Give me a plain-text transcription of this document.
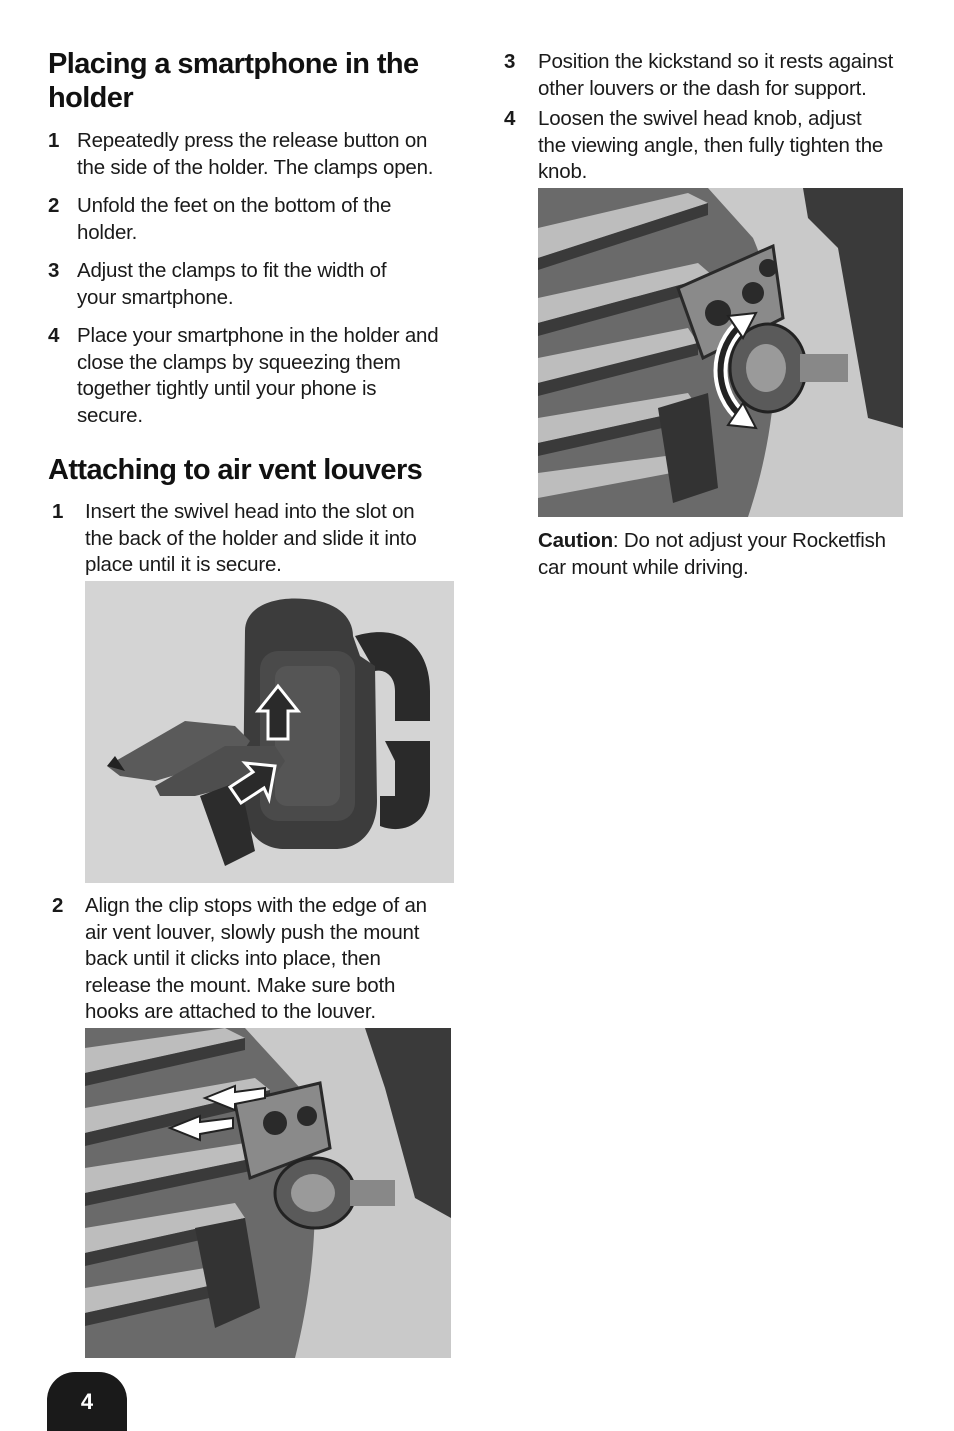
Placing a smartphone in the
holder
1 Repeatedly press the release button on the side of the holder. The clamps open.
2 Unfold the feet on the bottom of the holder.
3 Adjust the clamps to fit the width of your smartphone.
4 Place your smartphone in the holder and close the clamps by squeezing them together tightly until your phone is secure.
Attaching to air vent louvers
1 Insert the swivel head into the slot on the back of the holder and slide it into place until it is secure.
2 Align the clip stops with the edge of an air vent louver, slowly push the mount back until it clicks into place, then release the mount. Make sure both hooks are attached to the louver.
3 Position the kickstand so it rests against other louvers or the dash for support.
4 Loosen the swivel head knob, adjust the viewing angle, then fully tighten the knob.
Caution: Do not adjust your Rocketfish car mount while driving.
4
